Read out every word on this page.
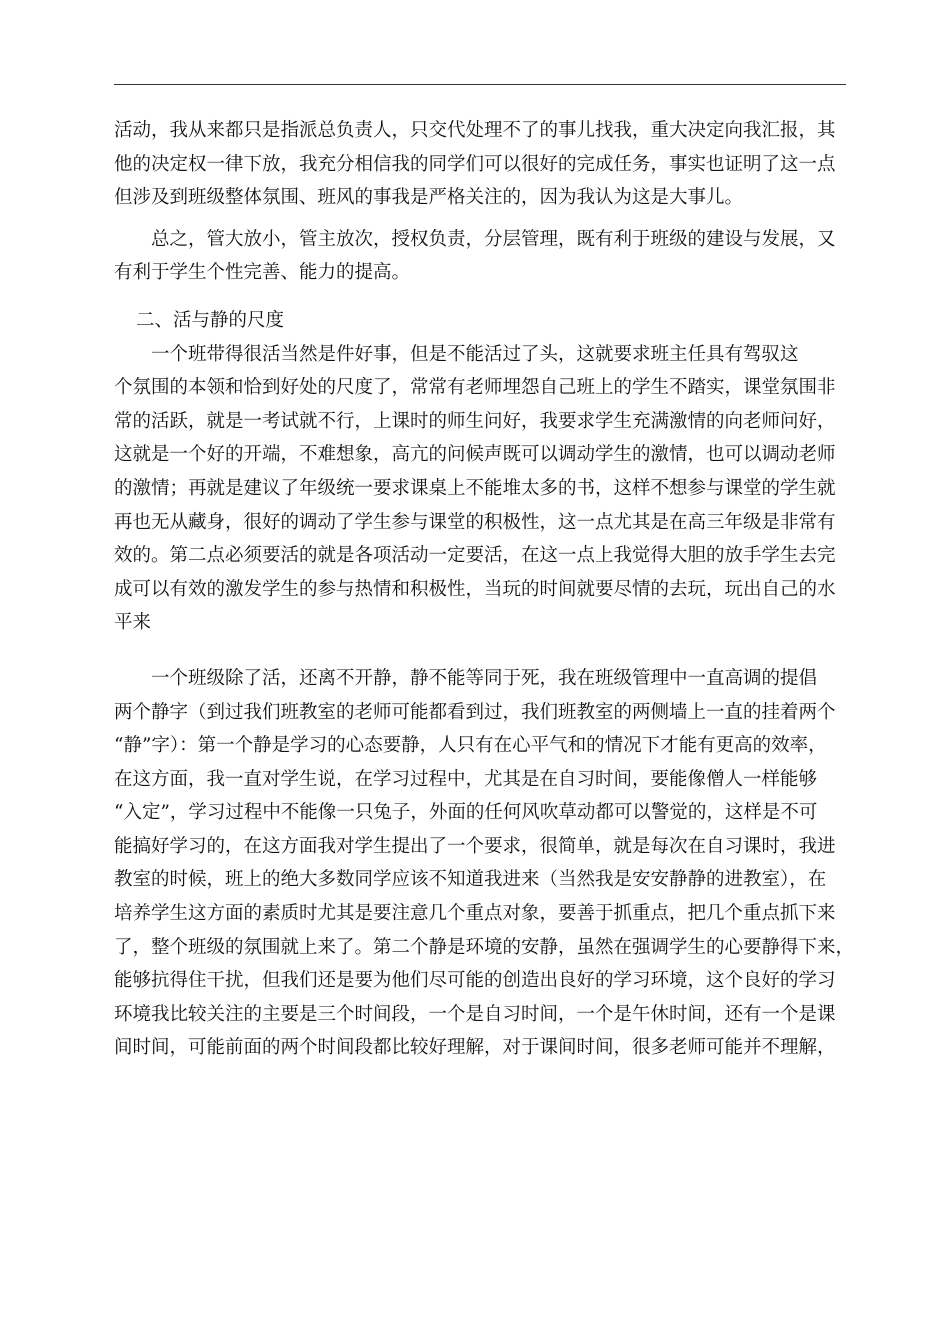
活动，我从来都只是指派总负责人，只交代处理不了的事儿找我，重大决定向我汇报，其
他的决定权一律下放，我充分相信我的同学们可以很好的完成任务，事实也证明了这一点
但涉及到班级整体氛围、班风的事我是严格关注的，因为我认为这是大事儿。
　　总之，管大放小，管主放次，授权负责，分层管理，既有利于班级的建设与发展，又
有利于学生个性完善、能力的提高。
二、活与静的尺度
　　一个班带得很活当然是件好事，但是不能活过了头，这就要求班主任具有驾驭这
个氛围的本领和恰到好处的尺度了，常常有老师埋怨自己班上的学生不踏实，课堂氛围非
常的活跃，就是一考试就不行，上课时的师生问好，我要求学生充满激情的向老师问好，
这就是一个好的开端，不难想象，高亢的问候声既可以调动学生的激情，也可以调动老师
的激情；再就是建议了年级统一要求课桌上不能堆太多的书，这样不想参与课堂的学生就
再也无从藏身，很好的调动了学生参与课堂的积极性，这一点尤其是在高三年级是非常有
效的。第二点必须要活的就是各项活动一定要活，在这一点上我觉得大胆的放手学生去完
成可以有效的激发学生的参与热情和积极性，当玩的时间就要尽情的去玩，玩出自己的水
平来
　　一个班级除了活，还离不开静，静不能等同于死，我在班级管理中一直高调的提倡
两个静字（到过我们班教室的老师可能都看到过，我们班教室的两侧墙上一直的挂着两个
“静”字）：第一个静是学习的心态要静，人只有在心平气和的情况下才能有更高的效率，
在这方面，我一直对学生说，在学习过程中，尤其是在自习时间，要能像僧人一样能够
“入定”，学习过程中不能像一只兔子，外面的任何风吹草动都可以警觉的，这样是不可
能搞好学习的，在这方面我对学生提出了一个要求，很简单，就是每次在自习课时，我进
教室的时候，班上的绝大多数同学应该不知道我进来（当然我是安安静静的进教室），在
培养学生这方面的素质时尤其是要注意几个重点对象，要善于抓重点，把几个重点抓下来
了，整个班级的氛围就上来了。第二个静是环境的安静，虽然在强调学生的心要静得下来，
能够抗得住干扰，但我们还是要为他们尽可能的创造出良好的学习环境，这个良好的学习
环境我比较关注的主要是三个时间段，一个是自习时间，一个是午休时间，还有一个是课
间时间，可能前面的两个时间段都比较好理解，对于课间时间，很多老师可能并不理解，
